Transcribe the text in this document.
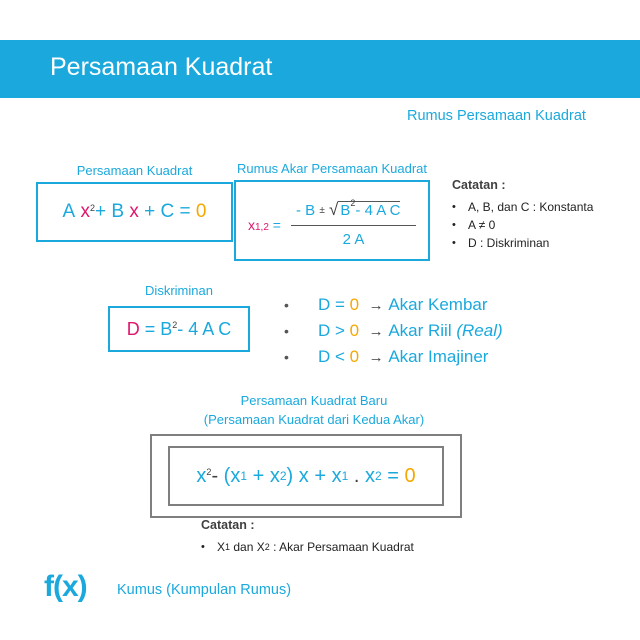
Persamaan Kuadrat
Rumus Persamaan Kuadrat
Persamaan Kuadrat
A
$x^2$ +
B
x
+
C
=
0
Rumus Akar Persamaan Kuadrat
x 1,2
=
-
B
±
√ $B^2-$ 4 A C
2 A
Catatan :
•	A, B, dan C : Konstanta
•	A ≠ 0
•	D : Diskriminan
Diskriminan
D
=
$B^2 - 4$ A C
•	D =
0
→
Akar Kembar
•	D >
0
→
Akar Riil
(Real)
•	D <
0
→
Akar Imajiner
Persamaan Kuadrat Baru
(Persamaan Kuadrat dari Kedua Akar)
$x^2$ -
( x 1
+
x 2 )
x
+
x 1
.
x 2
=
0
Catatan :
•	X 1
dan X 2
: Akar Persamaan Kuadrat
f(x) Kumus (Kumpulan Rumus)
